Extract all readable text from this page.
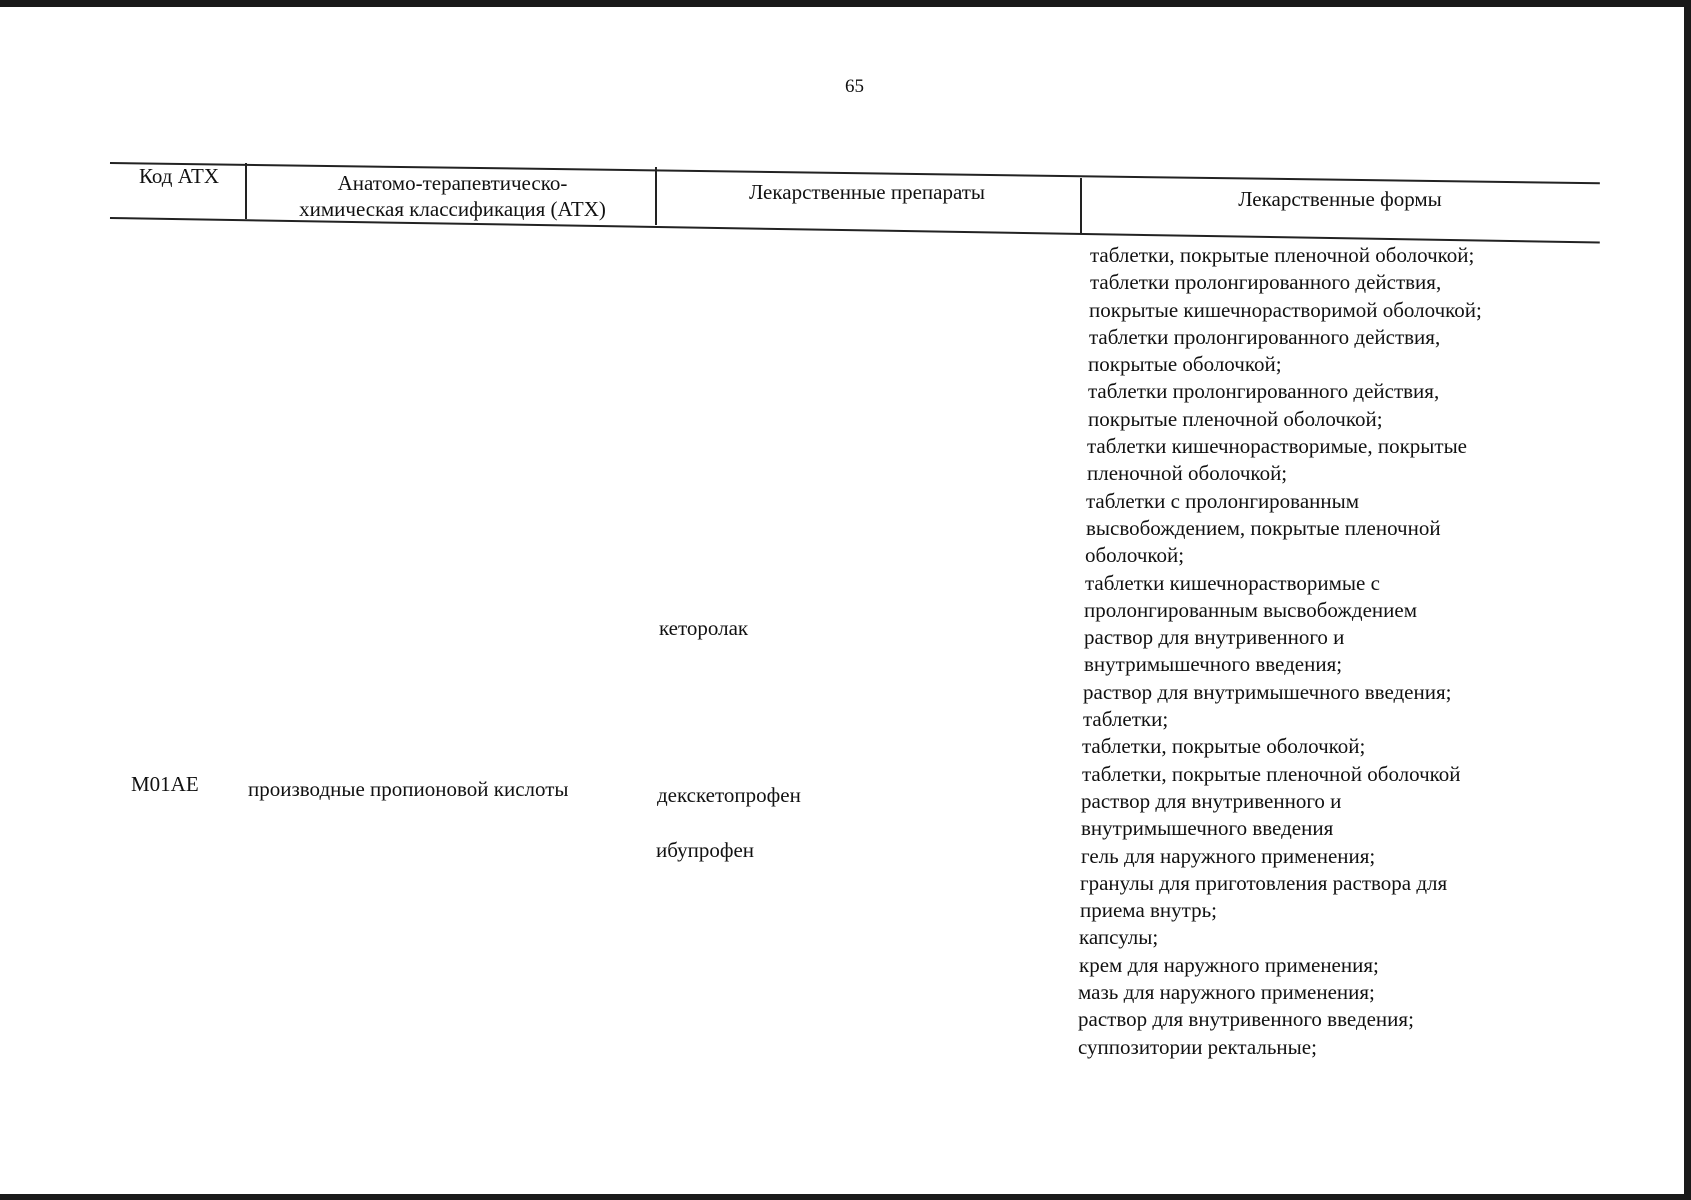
65
Код АТХ	Анатомо-терапевтическо-
химическая классификация (АТХ)
Лекарственные препараты	Лекарственные формы
M01AE производные пропионовой кислоты
кеторолак
декскетопрофен
ибупрофен
таблетки, покрытые пленочной оболочкой;
таблетки пролонгированного действия,
покрытые кишечнорастворимой оболочкой;
таблетки пролонгированного действия,
покрытые оболочкой;
таблетки пролонгированного действия,
покрытые пленочной оболочкой;
таблетки кишечнорастворимые, покрытые
пленочной оболочкой;
таблетки с пролонгированным
высвобождением, покрытые пленочной
оболочкой;
таблетки кишечнорастворимые с
пролонгированным высвобождением
раствор для внутривенного и
внутримышечного введения;
раствор для внутримышечного введения;
таблетки;
таблетки, покрытые оболочкой;
таблетки, покрытые пленочной оболочкой
раствор для внутривенного и
внутримышечного введения
гель для наружного применения;
гранулы для приготовления раствора для
приема внутрь;
капсулы;
крем для наружного применения;
мазь для наружного применения;
раствор для внутривенного введения;
суппозитории ректальные;
